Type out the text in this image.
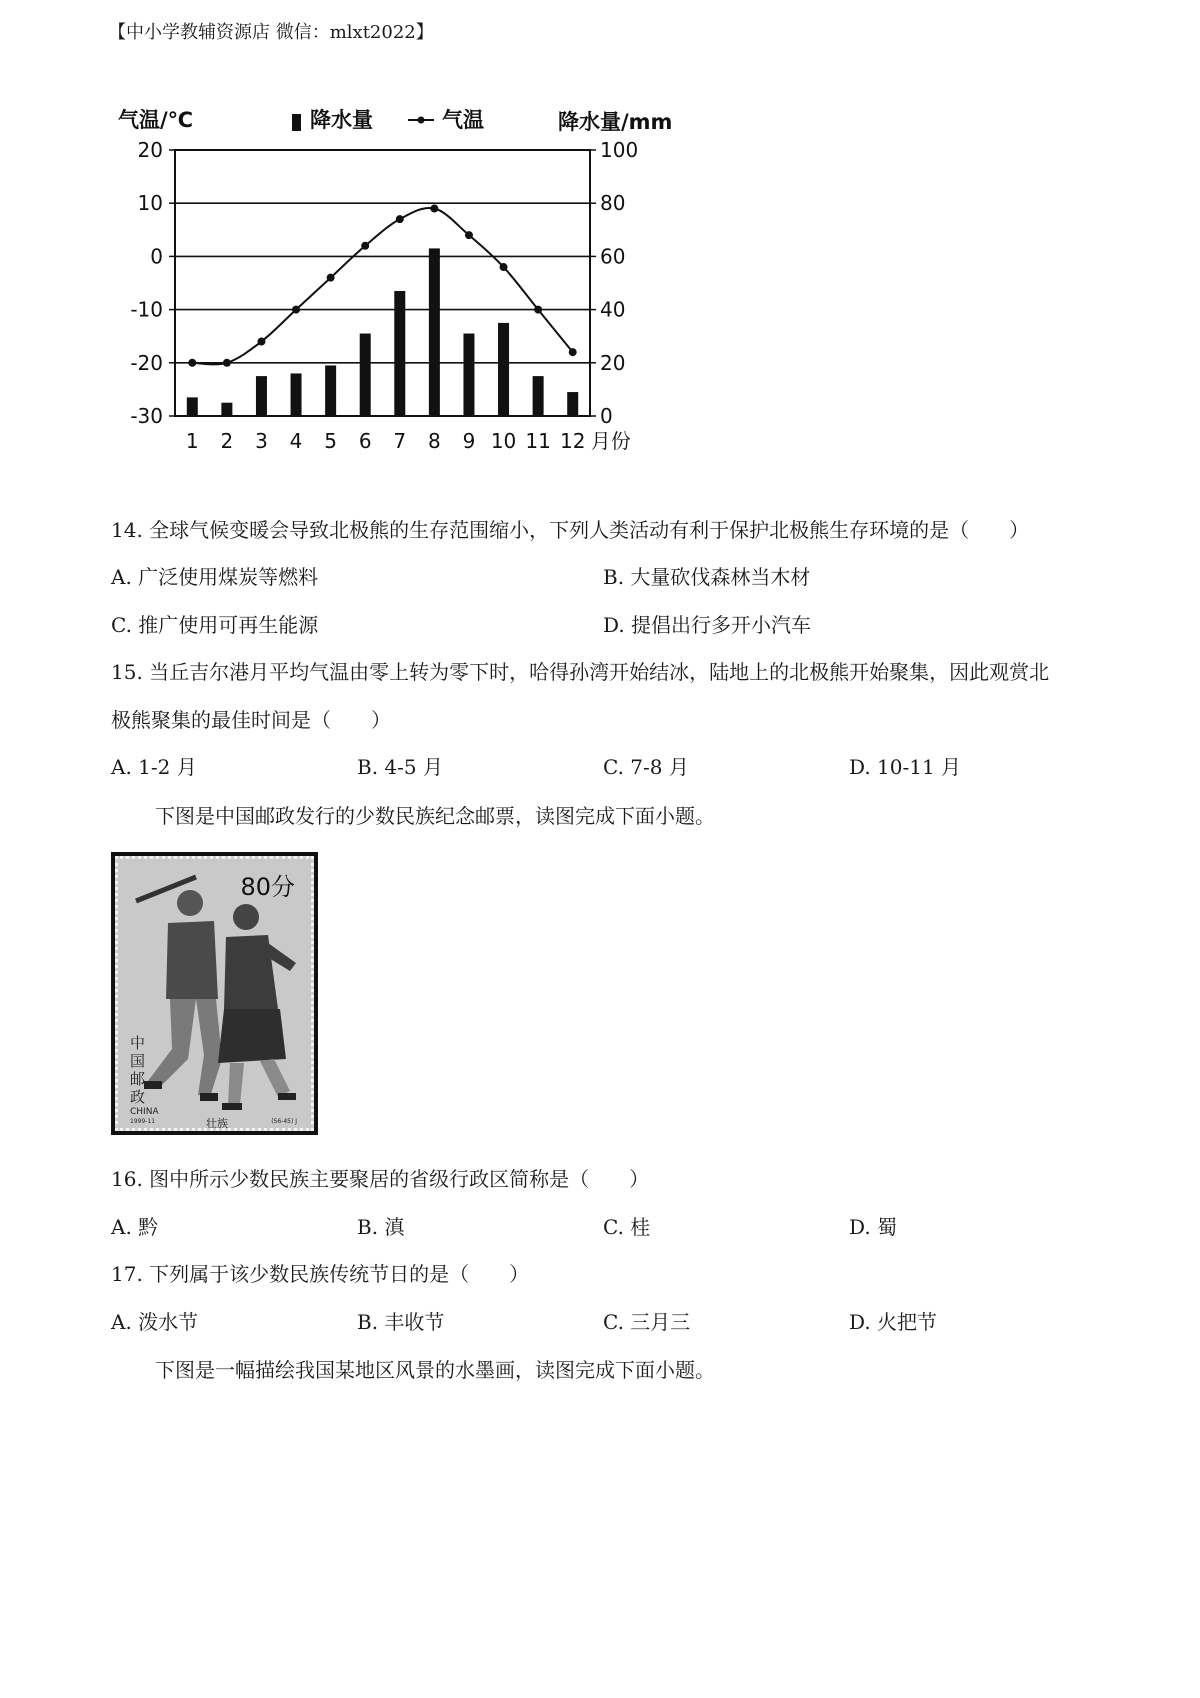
【中小学教辅资源店 微信：mlxt2022】
气温/℃	降水量	气温	降水量/mm
20
10
0
-10
-20
-30
100
80
60
40
20
0
1 2 3 4 5 6 7 8 9 10 11 12 月份
14. 全球气候变暖会导致北极熊的生存范围缩小，下列人类活动有利于保护北极熊生存环境的是（　　）
A. 广泛使用煤炭等燃料	B. 大量砍伐森林当木材
C. 推广使用可再生能源	D. 提倡出行多开小汽车
15. 当丘吉尔港月平均气温由零上转为零下时，哈得孙湾开始结冰，陆地上的北极熊开始聚集，因此观赏北
极熊聚集的最佳时间是（　　）
A. 1-2 月	B. 4-5 月	C. 7-8 月	D. 10-11 月
下图是中国邮政发行的少数民族纪念邮票，读图完成下面小题。
80分
中国邮政
CHINA
1999-11	壮族	(56-45) J
16. 图中所示少数民族主要聚居的省级行政区简称是（　　）
A. 黔	B. 滇	C. 桂	D. 蜀
17. 下列属于该少数民族传统节日的是（　　）
A. 泼水节	B. 丰收节	C. 三月三	D. 火把节
下图是一幅描绘我国某地区风景的水墨画，读图完成下面小题。
